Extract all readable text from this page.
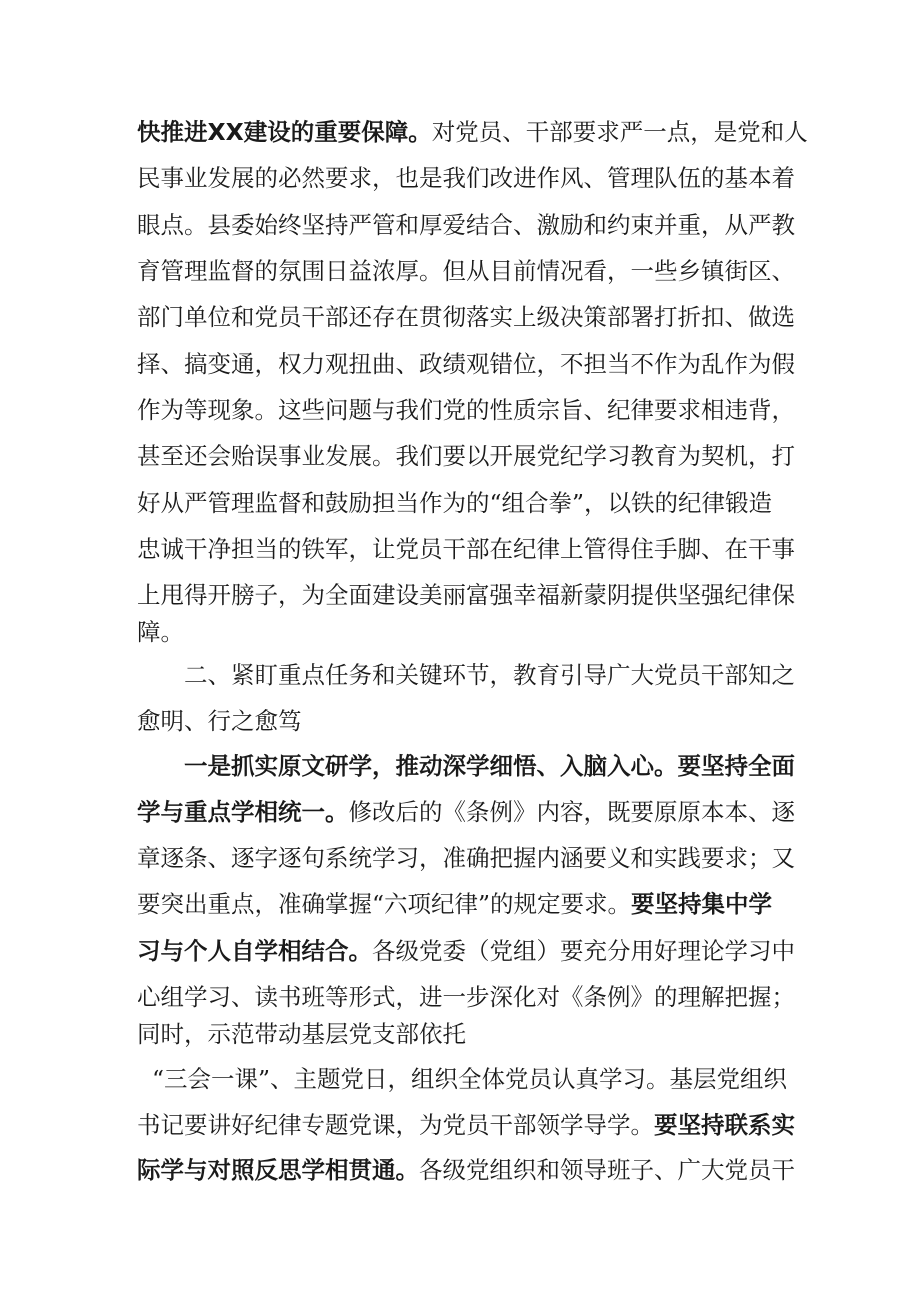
快推进XX建设的重要保障。对党员、干部要求严一点，是党和人
民事业发展的必然要求，也是我们改进作风、管理队伍的基本着
眼点。县委始终坚持严管和厚爱结合、激励和约束并重，从严教
育管理监督的氛围日益浓厚。但从目前情况看，一些乡镇街区、
部门单位和党员干部还存在贯彻落实上级决策部署打折扣、做选
择、搞变通，权力观扭曲、政绩观错位，不担当不作为乱作为假
作为等现象。这些问题与我们党的性质宗旨、纪律要求相违背，
甚至还会贻误事业发展。我们要以开展党纪学习教育为契机，打
好从严管理监督和鼓励担当作为的“组合拳”，以铁的纪律锻造
忠诚干净担当的铁军，让党员干部在纪律上管得住手脚、在干事
上甩得开膀子，为全面建设美丽富强幸福新蒙阴提供坚强纪律保
障。
二、紧盯重点任务和关键环节，教育引导广大党员干部知之
愈明、行之愈笃
一是抓实原文研学，推动深学细悟、入脑入心。要坚持全面
学与重点学相统一。修改后的《条例》内容，既要原原本本、逐
章逐条、逐字逐句系统学习，准确把握内涵要义和实践要求；又
要突出重点，准确掌握“六项纪律”的规定要求。要坚持集中学
习与个人自学相结合。各级党委（党组）要充分用好理论学习中
心组学习、读书班等形式，进一步深化对《条例》的理解把握；
同时，示范带动基层党支部依托
“三会一课”、主题党日，组织全体党员认真学习。基层党组织
书记要讲好纪律专题党课，为党员干部领学导学。要坚持联系实
际学与对照反思学相贯通。各级党组织和领导班子、广大党员干
